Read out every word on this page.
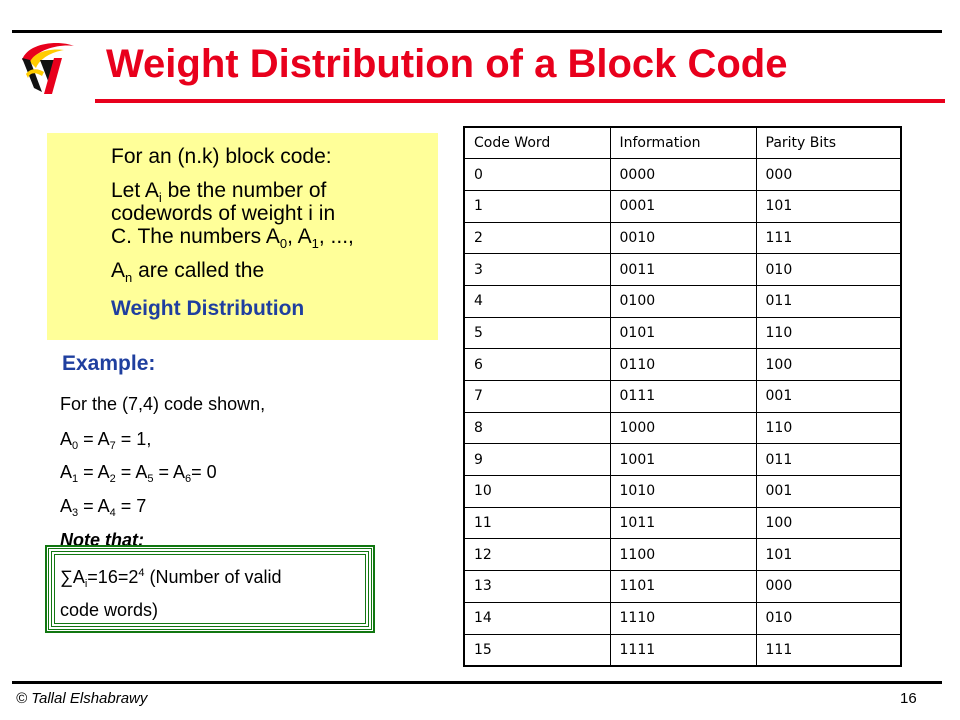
Weight Distribution of a Block Code
For an (n.k) block code:
Let $A_i$ be the number of
codewords of weight i in
C. The numbers $A_0$, $A_1$, ...,
$A_n$ are called the
Weight Distribution
Example:
For the (7,4) code shown,
$A_0 = A_7 = 1$,
$A_1 = A_2 = A_5 = A_6= 0$
$A_3 = A_4 = 7$
Note that:
$\sum A_i=16=2^4$ (Number of valid
code words)
Code Word	Information	Parity Bits
0	0000	000
1	0001	101
2	0010	111
3	0011	010
4	0100	011
5	0101	110
6	0110	100
7	0111	001
8	1000	110
9	1001	011
10	1010	001
11	1011	100
12	1100	101
13	1101	000
14	1110	010
15	1111	111
© Tallal Elshabrawy	16
